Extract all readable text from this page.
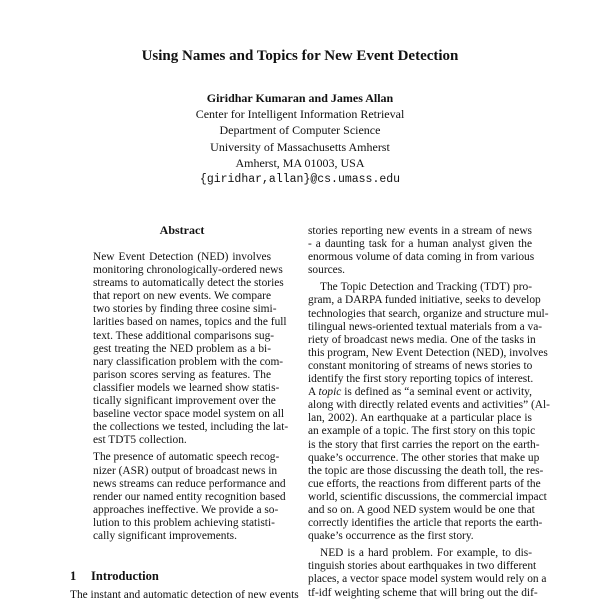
Using Names and Topics for New Event Detection
Giridhar Kumaran and James Allan
Center for Intelligent Information Retrieval
Department of Computer Science
University of Massachusetts Amherst
Amherst, MA 01003, USA
{giridhar,allan}@cs.umass.edu
Abstract
New Event Detection (NED) involves
monitoring chronologically-ordered news
streams to automatically detect the stories
that report on new events. We compare
two stories by finding three cosine simi-
larities based on names, topics and the full
text. These additional comparisons sug-
gest treating the NED problem as a bi-
nary classification problem with the com-
parison scores serving as features. The
classifier models we learned show statis-
tically significant improvement over the
baseline vector space model system on all
the collections we tested, including the lat-
est TDT5 collection.
The presence of automatic speech recog-
nizer (ASR) output of broadcast news in
news streams can reduce performance and
render our named entity recognition based
approaches ineffective. We provide a so-
lution to this problem achieving statisti-
cally significant improvements.
1 Introduction
The instant and automatic detection of new events
stories reporting new events in a stream of news
- a daunting task for a human analyst given the
enormous volume of data coming in from various
sources.
The Topic Detection and Tracking (TDT) pro-
gram, a DARPA funded initiative, seeks to develop
technologies that search, organize and structure mul-
tilingual news-oriented textual materials from a va-
riety of broadcast news media. One of the tasks in
this program, New Event Detection (NED), involves
constant monitoring of streams of news stories to
identify the first story reporting topics of interest.
A topic is defined as “a seminal event or activity,
along with directly related events and activities” (Al-
lan, 2002). An earthquake at a particular place is
an example of a topic. The first story on this topic
is the story that first carries the report on the earth-
quake’s occurrence. The other stories that make up
the topic are those discussing the death toll, the res-
cue efforts, the reactions from different parts of the
world, scientific discussions, the commercial impact
and so on. A good NED system would be one that
correctly identifies the article that reports the earth-
quake’s occurrence as the first story.
NED is a hard problem. For example, to dis-
tinguish stories about earthquakes in two different
places, a vector space model system would rely on a
tf-idf weighting scheme that will bring out the dif-
